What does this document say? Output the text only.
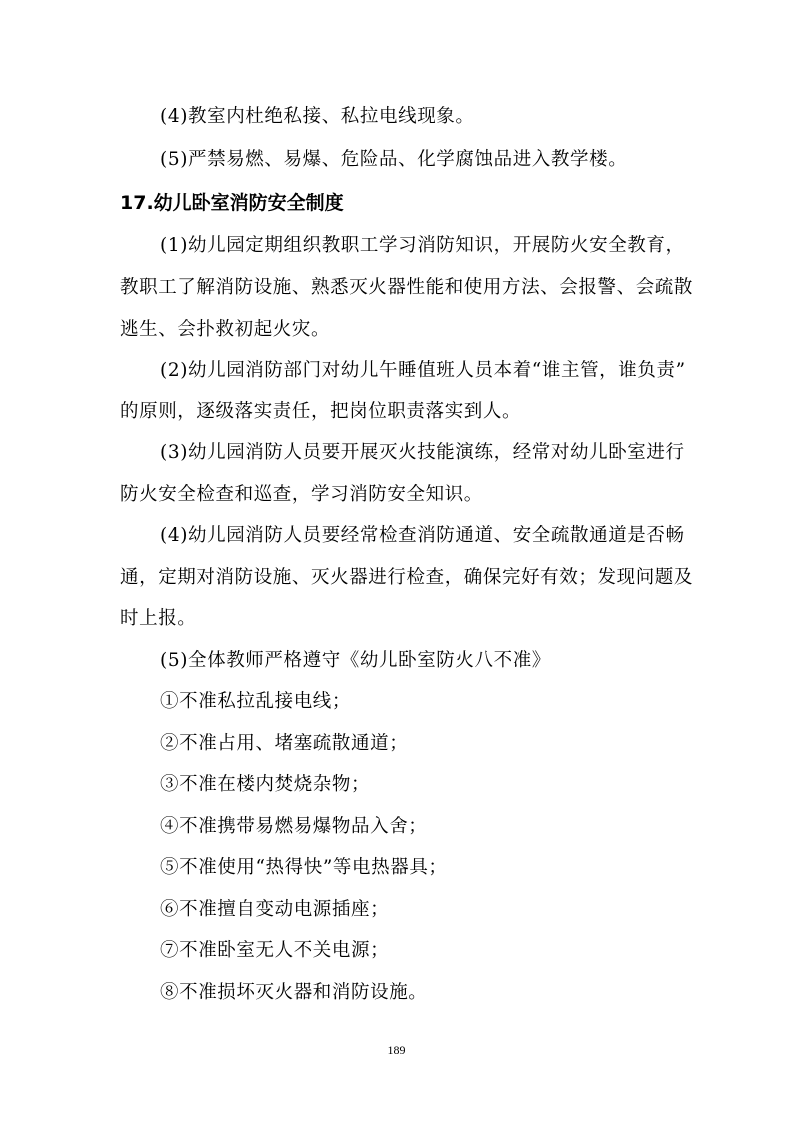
(4)教室内杜绝私接、私拉电线现象。
(5)严禁易燃、易爆、危险品、化学腐蚀品进入教学楼。
17.幼儿卧室消防安全制度
(1)幼儿园定期组织教职工学习消防知识，开展防火安全教育，
教职工了解消防设施、熟悉灭火器性能和使用方法、会报警、会疏散
逃生、会扑救初起火灾。
(2)幼儿园消防部门对幼儿午睡值班人员本着“谁主管，谁负责”
的原则，逐级落实责任，把岗位职责落实到人。
(3)幼儿园消防人员要开展灭火技能演练，经常对幼儿卧室进行
防火安全检查和巡查，学习消防安全知识。
(4)幼儿园消防人员要经常检查消防通道、安全疏散通道是否畅
通，定期对消防设施、灭火器进行检查，确保完好有效；发现问题及
时上报。
(5)全体教师严格遵守《幼儿卧室防火八不准》
①不准私拉乱接电线；
②不准占用、堵塞疏散通道；
③不准在楼内焚烧杂物；
④不准携带易燃易爆物品入舍；
⑤不准使用“热得快”等电热器具；
⑥不准擅自变动电源插座；
⑦不准卧室无人不关电源；
⑧不准损坏灭火器和消防设施。
189
